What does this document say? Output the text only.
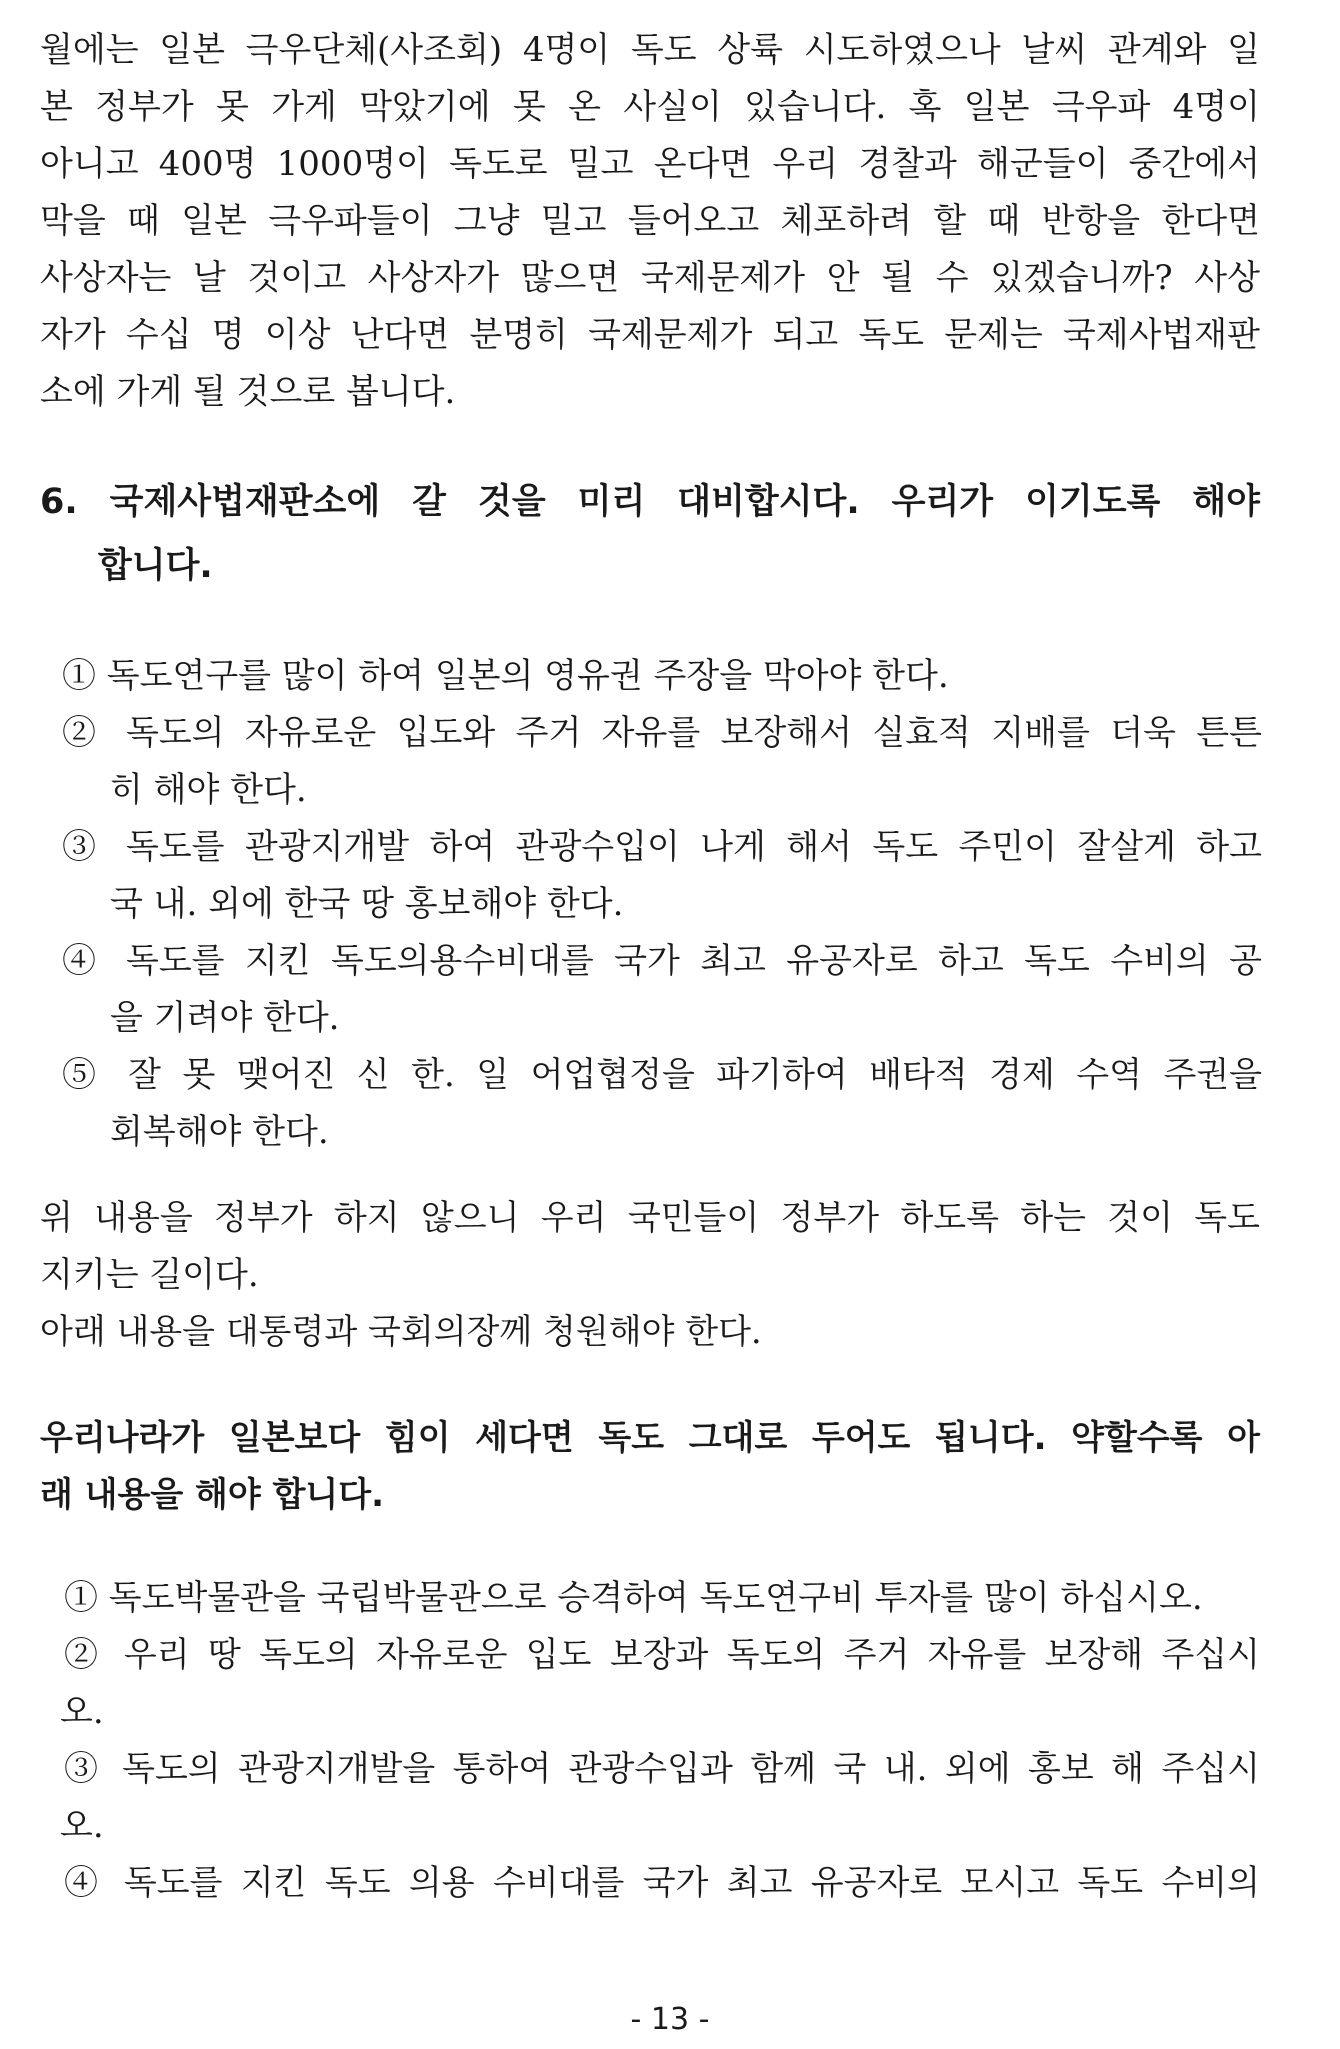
월에는 일본 극우단체(사조회) 4명이 독도 상륙 시도하였으나 날씨 관계와 일
본 정부가 못 가게 막았기에 못 온 사실이 있습니다. 혹 일본 극우파 4명이
아니고 400명 1000명이 독도로 밀고 온다면 우리 경찰과 해군들이 중간에서
막을 때 일본 극우파들이 그냥 밀고 들어오고 체포하려 할 때 반항을 한다면
사상자는 날 것이고 사상자가 많으면 국제문제가 안 될 수 있겠습니까? 사상
자가 수십 명 이상 난다면 분명히 국제문제가 되고 독도 문제는 국제사법재판
소에 가게 될 것으로 봅니다.
6. 국제사법재판소에 갈 것을 미리 대비합시다. 우리가 이기도록 해야
합니다.
① 독도연구를 많이 하여 일본의 영유권 주장을 막아야 한다.
② 독도의 자유로운 입도와 주거 자유를 보장해서 실효적 지배를 더욱 튼튼
히 해야 한다.
③ 독도를 관광지개발 하여 관광수입이 나게 해서 독도 주민이 잘살게 하고
국 내. 외에 한국 땅 홍보해야 한다.
④ 독도를 지킨 독도의용수비대를 국가 최고 유공자로 하고 독도 수비의 공
을 기려야 한다.
⑤ 잘 못 맺어진 신 한. 일 어업협정을 파기하여 배타적 경제 수역 주권을
회복해야 한다.
위 내용을 정부가 하지 않으니 우리 국민들이 정부가 하도록 하는 것이 독도
지키는 길이다.
아래 내용을 대통령과 국회의장께 청원해야 한다.
우리나라가 일본보다 힘이 세다면 독도 그대로 두어도 됩니다. 약할수록 아
래 내용을 해야 합니다.
① 독도박물관을 국립박물관으로 승격하여 독도연구비 투자를 많이 하십시오.
② 우리 땅 독도의 자유로운 입도 보장과 독도의 주거 자유를 보장해 주십시
오.
③ 독도의 관광지개발을 통하여 관광수입과 함께 국 내. 외에 홍보 해 주십시
오.
④ 독도를 지킨 독도 의용 수비대를 국가 최고 유공자로 모시고 독도 수비의
- 13 -
